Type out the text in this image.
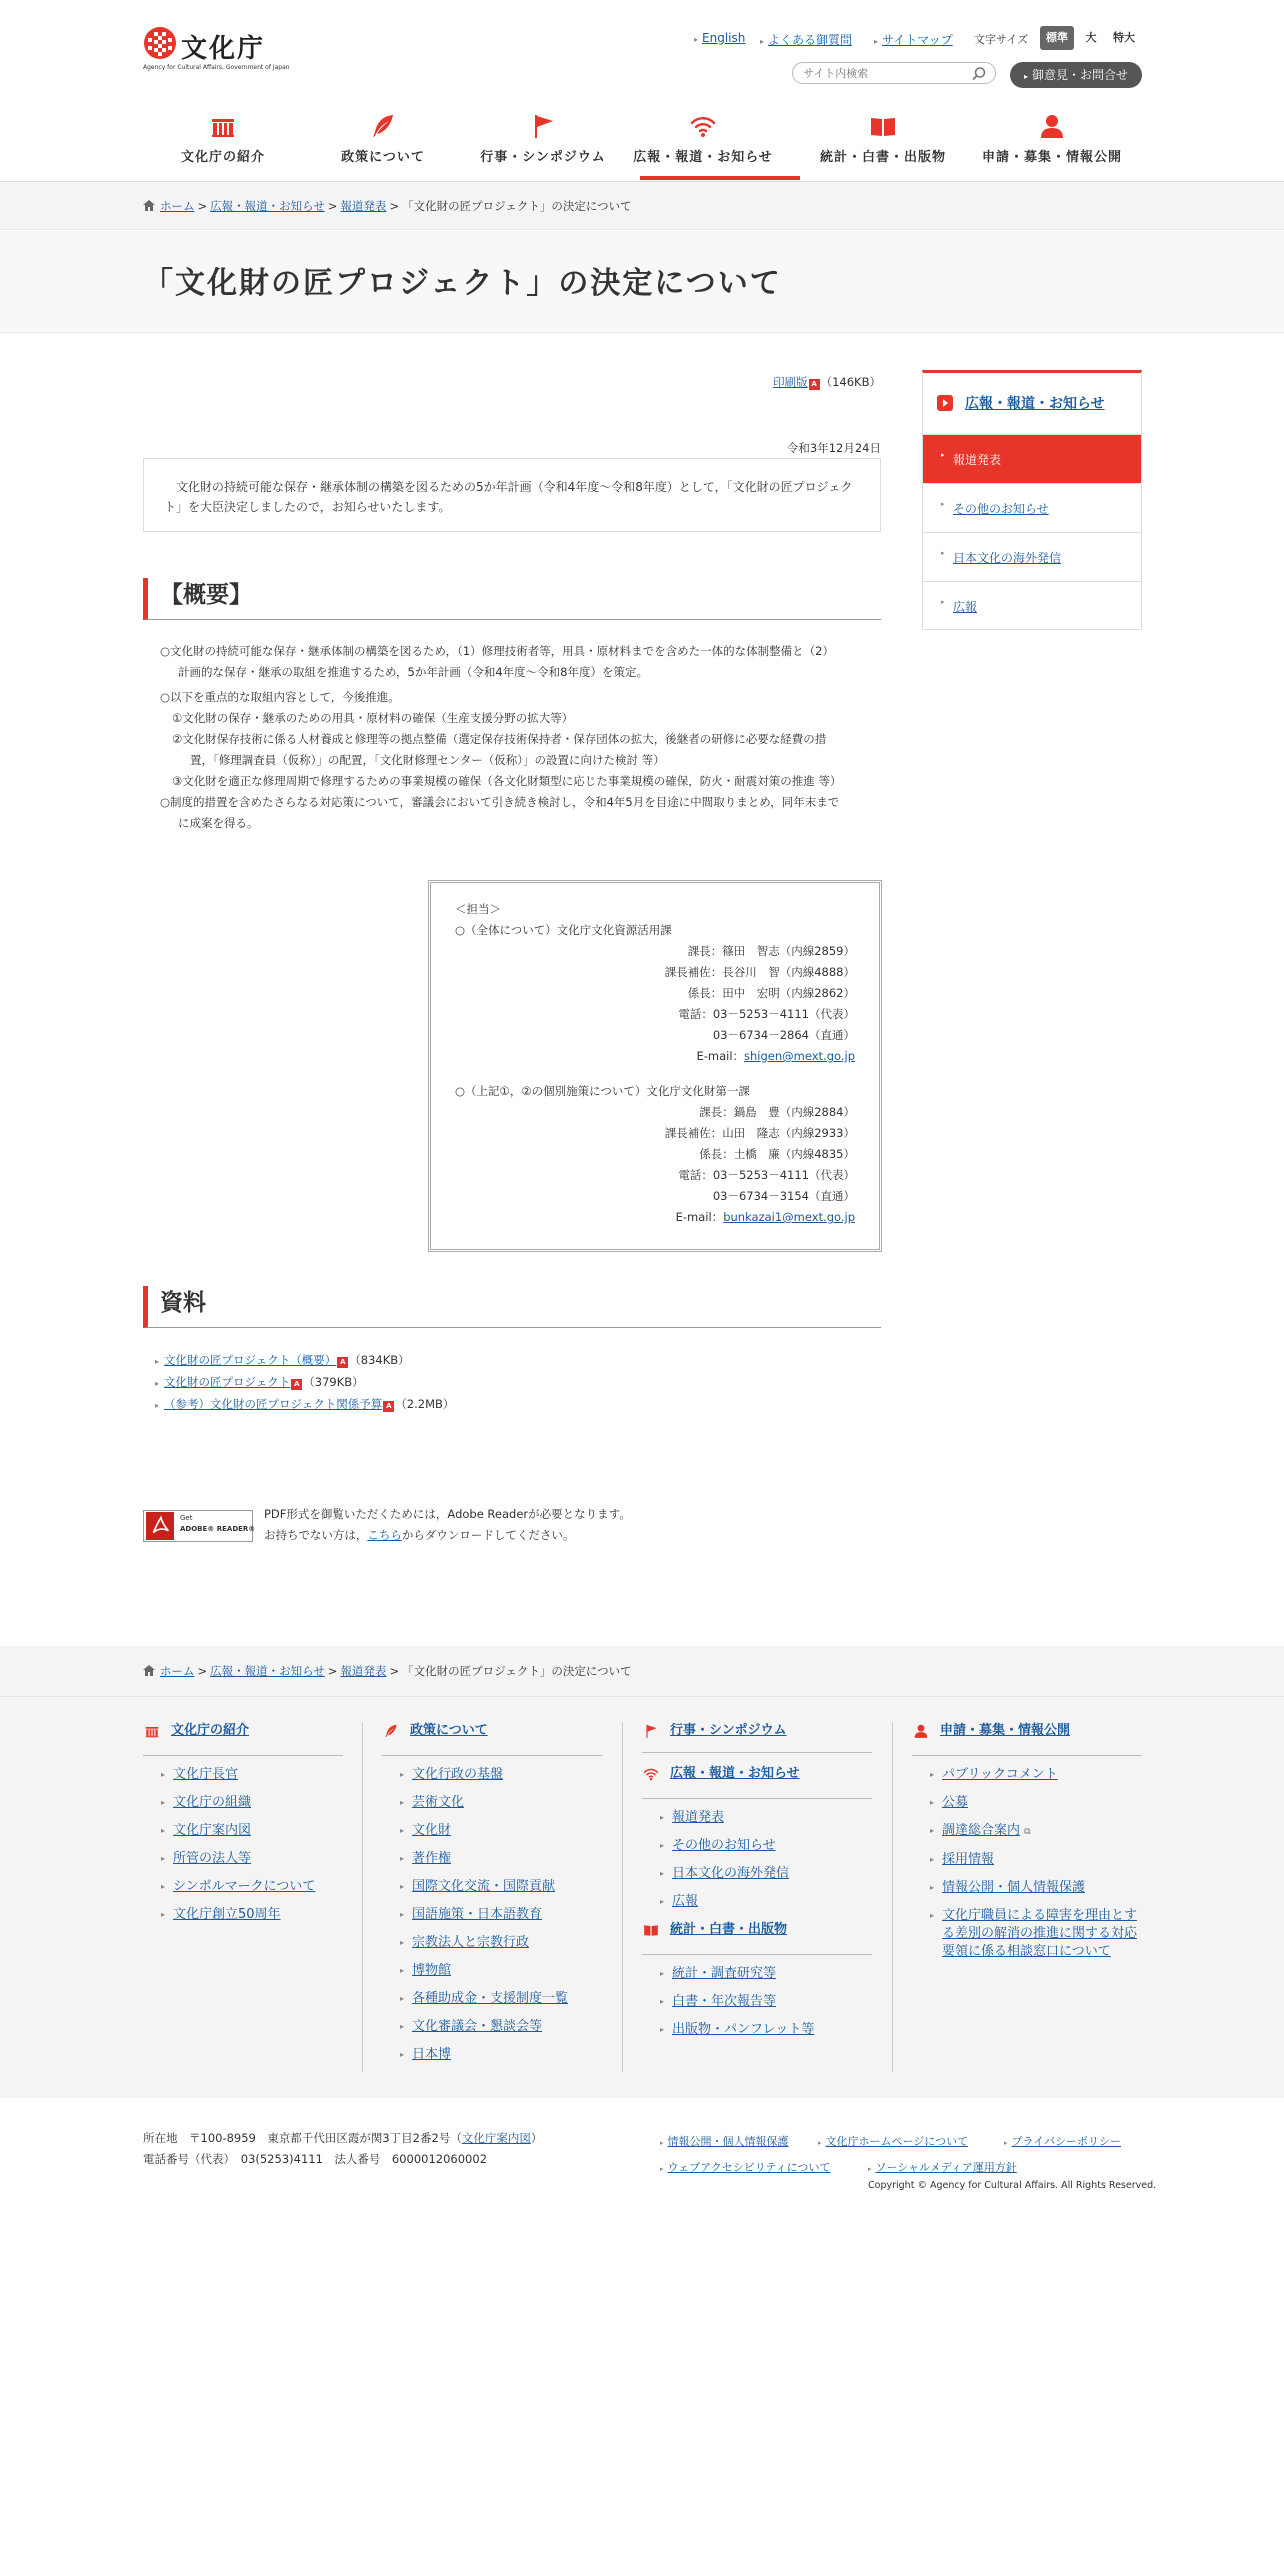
文化庁
Agency for Cultural Affairs, Government of Japan
▸ English ▸ よくある御質問	▸ サイトマップ 文字サイズ	標準	大	特大
サイト内検索
▸ 御意見・お問合せ
文化庁の紹介	政策について	行事・シンポジウム	広報・報道・お知らせ	統計・白書・出版物	申請・募集・情報公開
ホーム > 広報・報道・お知らせ > 報道発表 > 「文化財の匠プロジェクト」の決定について
「文化財の匠プロジェクト」の決定について
印刷版 A （146KB）
令和3年12月24日

文化財の持続可能な保存・継承体制の構築を図るための5か年計画（令和4年度～令和8年度）として，「文化財の匠プロジェクト」を大臣決定しましたので，お知らせいたします。

【概要】

○文化財の持続可能な保存・継承体制の構築を図るため，（1）修理技術者等，用具・原材料までを含めた一体的な体制整備と（2）
計画的な保存・継承の取組を推進するため，5か年計画（令和4年度～令和8年度）を策定。

○以下を重点的な取組内容として，今後推進。

①文化財の保存・継承のための用具・原材料の確保（生産支援分野の拡大等）

②文化財保存技術に係る人材養成と修理等の拠点整備（選定保存技術保持者・保存団体の拡大，後継者の研修に必要な経費の措
置，「修理調査員（仮称）」の配置，「文化財修理センター（仮称）」の設置に向けた検討 等）

③文化財を適正な修理周期で修理するための事業規模の確保（各文化財類型に応じた事業規模の確保，防火・耐震対策の推進 等）

○制度的措置を含めたさらなる対応策について，審議会において引き続き検討し，令和4年5月を目途に中間取りまとめ，同年末まで
に成案を得る。

＜担当＞
○（全体について）文化庁文化資源活用課
課長：篠田　智志（内線2859）
課長補佐：長谷川　智（内線4888）
係長：田中　宏明（内線2862）
電話：03－5253－4111（代表）
03－6734－2864（直通）
E-mail：shigen@mext.go.jp
○（上記①，②の個別施策について）文化庁文化財第一課
課長：鍋島　豊（内線2884）
課長補佐：山田　隆志（内線2933）
係長：土橋　廉（内線4835）
電話：03－5253－4111（代表）
03－6734－3154（直通）
E-mail：bunkazai1@mext.go.jp
資料
▸ 文化財の匠プロジェクト（概要） A （834KB）
▸ 文化財の匠プロジェクト A （379KB）
▸ （参考）文化財の匠プロジェクト関係予算 A （2.2MB）
Get
ADOBE® READER®
PDF形式を御覧いただくためには，Adobe Readerが必要となります。
お持ちでない方は，こちらからダウンロードしてください。
広報・報道・お知らせ
▸ 報道発表
▸ その他のお知らせ
▸ 日本文化の海外発信
▸ 広報
ホーム > 広報・報道・お知らせ > 報道発表 > 「文化財の匠プロジェクト」の決定について
文化庁の紹介
▸ 文化庁長官
▸ 文化庁の組織
▸ 文化庁案内図
▸ 所管の法人等
▸ シンボルマークについて
▸ 文化庁創立50周年
政策について
▸ 文化行政の基盤
▸ 芸術文化
▸ 文化財
▸ 著作権
▸ 国際文化交流・国際貢献
▸ 国語施策・日本語教育
▸ 宗教法人と宗教行政
▸ 博物館
▸ 各種助成金・支援制度一覧
▸ 文化審議会・懇談会等
▸ 日本博
行事・シンポジウム
広報・報道・お知らせ
▸ 報道発表
▸ その他のお知らせ
▸ 日本文化の海外発信
▸ 広報
統計・白書・出版物
▸ 統計・調査研究等
▸ 白書・年次報告等
▸ 出版物・パンフレット等
申請・募集・情報公開
▸ パブリックコメント
▸ 公募
▸ 調達総合案内 ⧉
▸ 採用情報
▸ 情報公開・個人情報保護
▸ 文化庁職員による障害を理由とする差別の解消の推進に関する対応要領に係る相談窓口について
所在地　〒100-8959　東京都千代田区霞が関3丁目2番2号（文化庁案内図）
電話番号（代表）　03(5253)4111　法人番号　6000012060002
▸ 情報公開・個人情報保護	▸ 文化庁ホームページについて	▸ プライバシーポリシー
▸ ウェブアクセシビリティについて	▸ ソーシャルメディア運用方針
Copyright © Agency for Cultural Affairs. All Rights Reserved.
